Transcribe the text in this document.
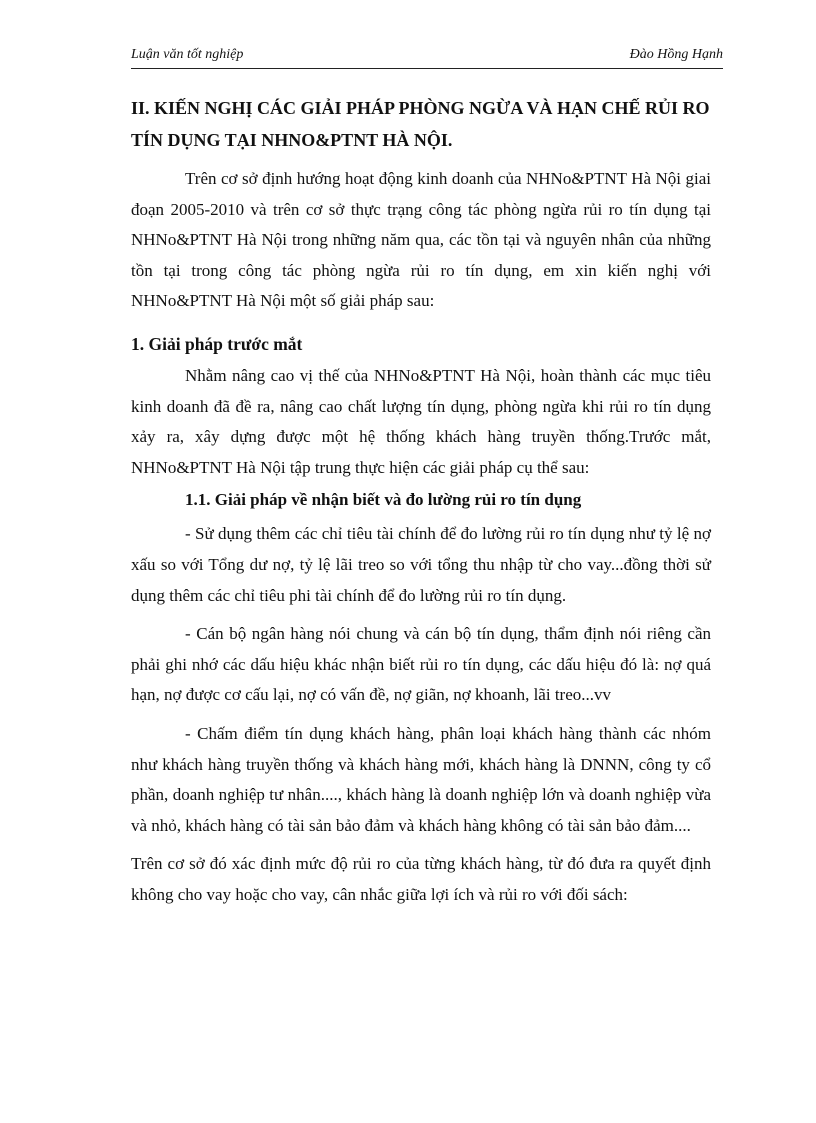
Luận văn tốt nghiệp	Đào Hồng Hạnh
II. KIẾN NGHỊ CÁC GIẢI PHÁP PHÒNG NGỪA VÀ HẠN CHẾ RỦI RO TÍN DỤNG TẠI NHNO&PTNT HÀ NỘI.

Trên cơ sở định hướng hoạt động kinh doanh của NHNo&PTNT Hà Nội giai đoạn 2005-2010 và trên cơ sở thực trạng công tác phòng ngừa rủi ro tín dụng tại NHNo&PTNT Hà Nội trong những năm qua, các tồn tại và nguyên nhân của những tồn tại trong công tác phòng ngừa rủi ro tín dụng, em xin kiến nghị với NHNo&PTNT Hà Nội một số giải pháp sau:

1. Giải pháp trước mắt

Nhằm nâng cao vị thế của NHNo&PTNT Hà Nội, hoàn thành các mục tiêu kinh doanh đã đề ra, nâng cao chất lượng tín dụng, phòng ngừa khi rủi ro tín dụng xảy ra, xây dựng được một hệ thống khách hàng truyền thống.Trước mắt, NHNo&PTNT Hà Nội tập trung thực hiện các giải pháp cụ thể sau:

1.1. Giải pháp về nhận biết và đo lường rủi ro tín dụng

- Sử dụng thêm các chỉ tiêu tài chính để đo lường rủi ro tín dụng như tỷ lệ nợ xấu so với Tổng dư nợ, tỷ lệ lãi treo so với tổng thu nhập từ cho vay...đồng thời sử dụng thêm các chỉ tiêu phi tài chính để đo lường rủi ro tín dụng.

- Cán bộ ngân hàng nói chung và cán bộ tín dụng, thẩm định nói riêng cần phải ghi nhớ các dấu hiệu khác nhận biết rủi ro tín dụng, các dấu hiệu đó là: nợ quá hạn, nợ được cơ cấu lại, nợ có vấn đề, nợ giãn, nợ khoanh, lãi treo...vv

- Chấm điểm tín dụng khách hàng, phân loại khách hàng thành các nhóm như khách hàng truyền thống và khách hàng mới, khách hàng là DNNN, công ty cổ phần, doanh nghiệp tư nhân...., khách hàng là doanh nghiệp lớn và doanh nghiệp vừa và nhỏ, khách hàng có tài sản bảo đảm và khách hàng không có tài sản bảo đảm....

Trên cơ sở đó xác định mức độ rủi ro của từng khách hàng, từ đó đưa ra quyết định không cho vay hoặc cho vay, cân nhắc giữa lợi ích và rủi ro với đối sách:
